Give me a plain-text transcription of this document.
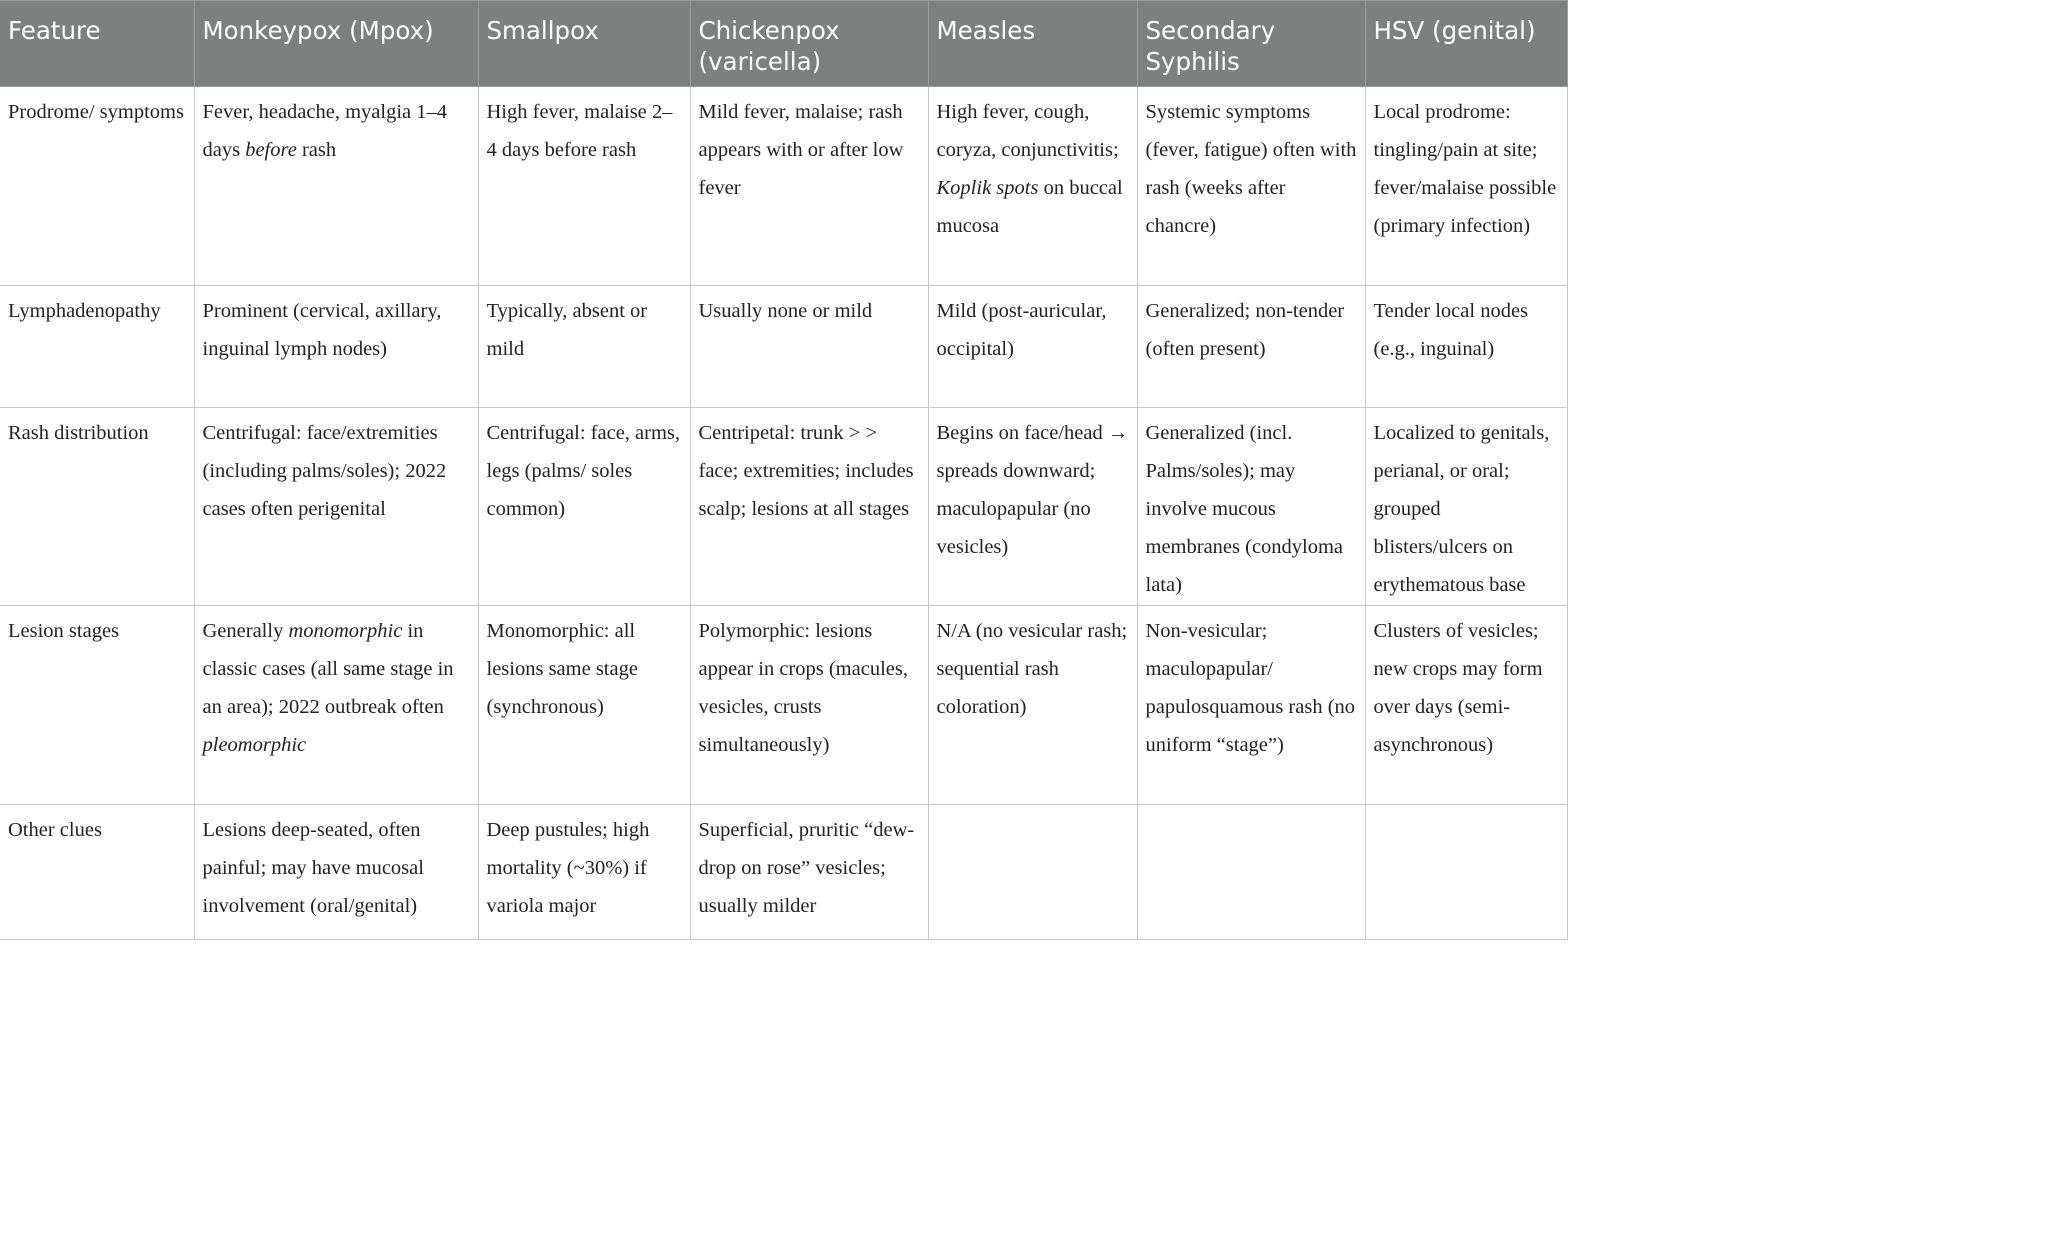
Feature	Monkeypox (Mpox)	Smallpox	Chickenpox (varicella)	Measles	Secondary Syphilis	HSV (genital)
Prodrome/ symptoms	Fever, headache, myalgia 1–4 days before rash	High fever, malaise 2–4 days before rash	Mild fever, malaise; rash appears with or after low fever	High fever, cough, coryza, conjunctivitis; Koplik spots on buccal mucosa	Systemic symptoms (fever, fatigue) often with rash (weeks after chancre)	Local prodrome: tingling/pain at site; fever/malaise possible (primary infection)
Lymphadenopathy	Prominent (cervical, axillary, inguinal lymph nodes)	Typically, absent or mild	Usually none or mild	Mild (post-auricular, occipital)	Generalized; non-tender (often present)	Tender local nodes (e.g., inguinal)
Rash distribution	Centrifugal: face/extremities (including palms/soles); 2022 cases often perigenital	Centrifugal: face, arms, legs (palms/ soles common)	Centripetal: trunk > > face; extremities; includes scalp; lesions at all stages	Begins on face/head → spreads downward; maculopapular (no vesicles)	Generalized (incl. Palms/soles); may involve mucous membranes (condyloma lata)	Localized to genitals, perianal, or oral; grouped blisters/ulcers on erythematous base
Lesion stages	Generally monomorphic in classic cases (all same stage in an area); 2022 outbreak often pleomorphic	Monomorphic: all lesions same stage (synchronous)	Polymorphic: lesions appear in crops (macules, vesicles, crusts simultaneously)	N/A (no vesicular rash; sequential rash coloration)	Non-vesicular; maculopapular/ papulosquamous rash (no uniform “stage”)	Clusters of vesicles; new crops may form over days (semi-asynchronous)
Other clues	Lesions deep-seated, often painful; may have mucosal involvement (oral/genital)	Deep pustules; high mortality (~30%) if variola major	Superficial, pruritic “dew-drop on rose” vesicles; usually milder			
